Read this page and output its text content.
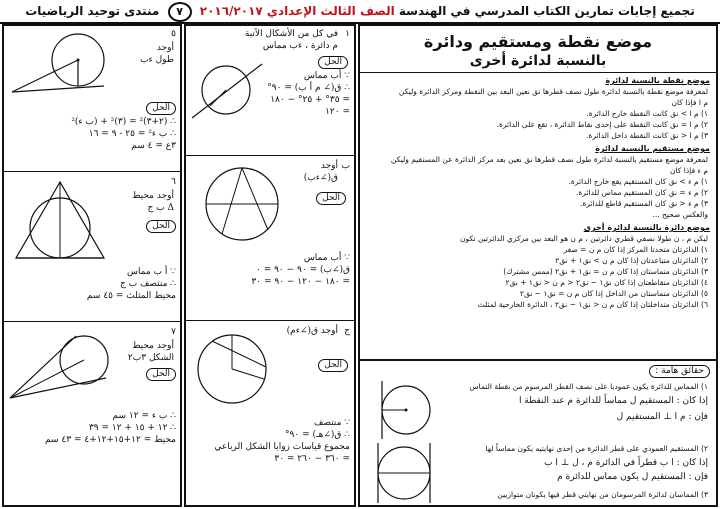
تجميع إجابات تمارين الكتاب المدرسي في الهندسة الصف الثالث الإعدادي ٢٠١٦/٢٠١٧ ٧ منتدى توحيد الرياضيات
٥
أوجد
طول ءب
الحل
∴ (٢+٣)² = (٣)² + (ب ء)²
∴ ب ء² = ٢٥ - ٩ = ١٦
٣ع = ٤ سم
٦
أوجد محيط
Δ ب ج
الحل
∵ أ ب مماس
∴ منتصف ب ج
محيط المثلث = ٤٥ سم
٧
أوجد محيط
الشكل ٣ب٢
الحل
∴ ب ء = ١٢ سم
∴ ١٢ + ١٥ + ١٢ = ٣٩
محيط = ١٢+١٥+١٢+٤ = ٤٣ سم
١
في كل من الأشكال الآتية
م دائرة ، ءب مماس
الحل
∵ أب مماس
∴ ق(∠ م أ ب) = ٩٠°
= ٣٥° + ٢٥° − ١٨٠ = ١٢٠
ب
أوجد
ق(∠ءب)
الحل
∵ أب مماس
ق(∠ب) = ٩٠ − ٩٠ = ٠
= ١٨٠ − ١٢٠ − ٩٠ = ٣٠
ج
أوجد ق(∠ءم)
الحل
∵ منتصف
∴ ق(∠هـ) = ٩٠°
مجموع قياسات زوايا الشكل الرباعي
= ٣٦٠ − ٢٦٠ = ٣٠
موضع نقطة ومستقيم ودائرة
بالنسبة لدائرة أخرى
موضع نقطة بالنسبة لدائرة
لمعرفة موضع نقطة بالنسبة لدائرة طول نصف قطرها نق نعين البعد بين النقطة ومركز الدائرة وليكن
م ا فإذا كان
١) م ا > نق كانت النقطة خارج الدائرة.
٢) م ا = نق كانت النقطة على إحدى نقاط الدائرة ، تقع على الدائرة.
٣) م ا < نق كانت النقطة داخل الدائرة.
موضع مستقيم بالنسبة لدائرة
لمعرفة موضع مستقيم بالنسبة لدائرة طول نصف قطرها نق نعين بعد مركز الدائرة عن المستقيم وليكن
م ء فإذا كان
١) م ء > نق كان المستقيم يقع خارج الدائرة.
٢) م ء = نق كان المستقيم مماس للدائرة.
٣) م ء < نق كان المستقيم قاطع للدائرة.
والعكس صحيح ...
موضع دائرة بالنسبة لدائرة أخرى
ليكن م ، ن طولا نصفي قطري دائرتين ، م ن هو البعد بين مركزي الدائرتين تكون
١) الدائرتان متحدتا المركز إذا كان م ن = صفر
٢) الدائرتان متباعدتان إذا كان م ن > نق١ + نق٢
٣) الدائرتان متماستان إذا كان م ن = نق١ + نق٢ (ممس مشترك)
٤) الدائرتان متقاطعتان إذا كان نق١ − نق٢ < م ن < نق١ + نق٢
٥) الدائرتان متماستان من الداخل إذا كان م ن = نق١ − نق٢
٦) الدائرتان متداخلتان إذا كان م ن < نق١ − نق٢ ، الدائرة الخارجية لمثلث
حقائق هامة :
١) المماس للدائرة يكون عموديا على نصف القطر المرسوم من نقطة التماس
إذا كان : المستقيم ل مماساً للدائرة م عند النقطة ا
فإن : م ا ⊥ المستقيم ل
٢) المستقيم العمودي على قطر الدائرة من إحدى نهايتيه يكون مماساً لها
إذا كان : ا ب قطراً في الدائرة م ، ل ⊥ ا ب
فإن : المستقيم ل يكون مماس للدائرة م
٣) المماسان لدائرة المرسومان من نهايتي قطر فيها يكونان متوازيين
